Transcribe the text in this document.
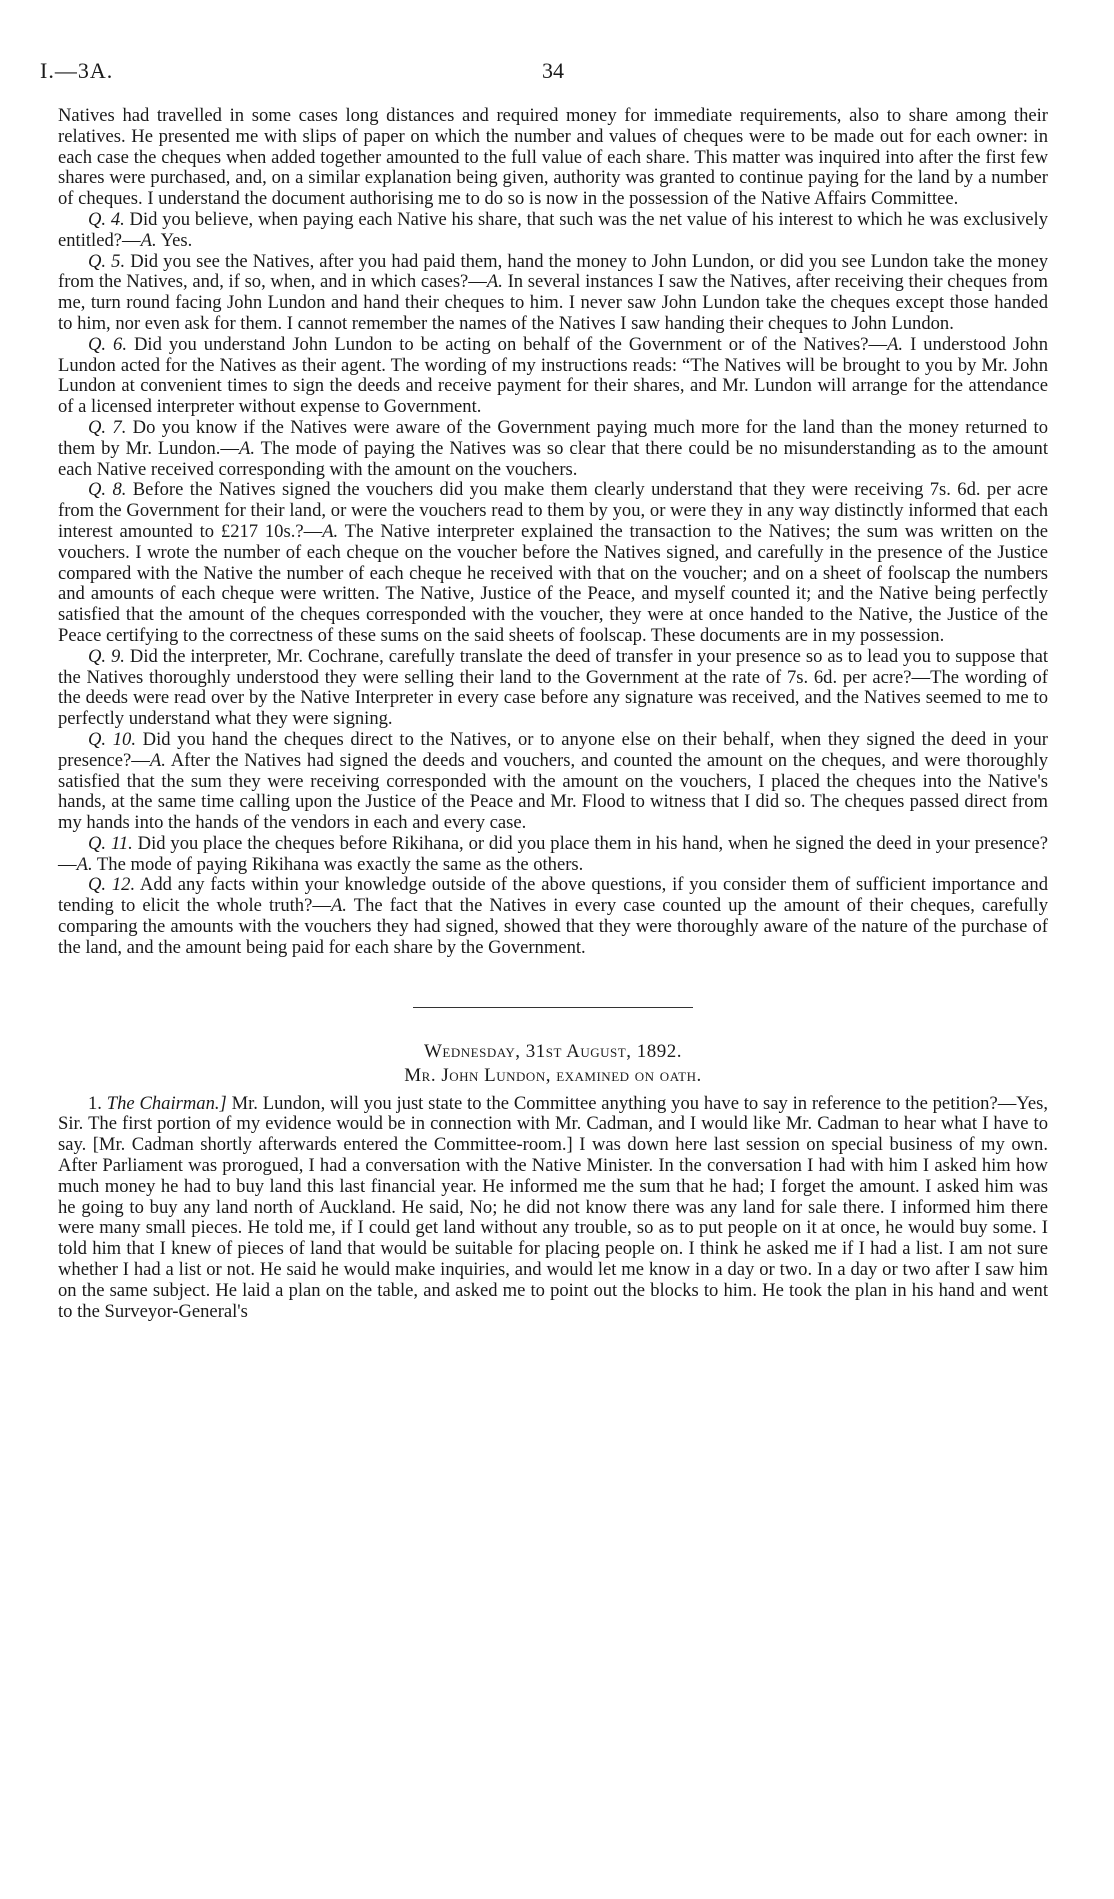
I.—3A.	34

Natives had travelled in some cases long distances and required money for immediate requirements, also to share among their relatives. He presented me with slips of paper on which the number and values of cheques were to be made out for each owner: in each case the cheques when added together amounted to the full value of each share. This matter was inquired into after the first few shares were purchased, and, on a similar explanation being given, authority was granted to continue paying for the land by a number of cheques. I understand the document authorising me to do so is now in the possession of the Native Affairs Committee.

Q. 4. Did you believe, when paying each Native his share, that such was the net value of his interest to which he was exclusively entitled?—A. Yes.

Q. 5. Did you see the Natives, after you had paid them, hand the money to John Lundon, or did you see Lundon take the money from the Natives, and, if so, when, and in which cases?—A. In several instances I saw the Natives, after receiving their cheques from me, turn round facing John Lundon and hand their cheques to him. I never saw John Lundon take the cheques except those handed to him, nor even ask for them. I cannot remember the names of the Natives I saw handing their cheques to John Lundon.

Q. 6. Did you understand John Lundon to be acting on behalf of the Government or of the Natives?—A. I understood John Lundon acted for the Natives as their agent. The wording of my instructions reads: “The Natives will be brought to you by Mr. John Lundon at convenient times to sign the deeds and receive payment for their shares, and Mr. Lundon will arrange for the attendance of a licensed interpreter without expense to Government.

Q. 7. Do you know if the Natives were aware of the Government paying much more for the land than the money returned to them by Mr. Lundon.—A. The mode of paying the Natives was so clear that there could be no misunderstanding as to the amount each Native received corresponding with the amount on the vouchers.

Q. 8. Before the Natives signed the vouchers did you make them clearly understand that they were receiving 7s. 6d. per acre from the Government for their land, or were the vouchers read to them by you, or were they in any way distinctly informed that each interest amounted to £217 10s.?—A. The Native interpreter explained the transaction to the Natives; the sum was written on the vouchers. I wrote the number of each cheque on the voucher before the Natives signed, and carefully in the presence of the Justice compared with the Native the number of each cheque he received with that on the voucher; and on a sheet of foolscap the numbers and amounts of each cheque were written. The Native, Justice of the Peace, and myself counted it; and the Native being perfectly satisfied that the amount of the cheques corresponded with the voucher, they were at once handed to the Native, the Justice of the Peace certifying to the correctness of these sums on the said sheets of foolscap. These documents are in my possession.

Q. 9. Did the interpreter, Mr. Cochrane, carefully translate the deed of transfer in your presence so as to lead you to suppose that the Natives thoroughly understood they were selling their land to the Government at the rate of 7s. 6d. per acre?—The wording of the deeds were read over by the Native Interpreter in every case before any signature was received, and the Natives seemed to me to perfectly understand what they were signing.

Q. 10. Did you hand the cheques direct to the Natives, or to anyone else on their behalf, when they signed the deed in your presence?—A. After the Natives had signed the deeds and vouchers, and counted the amount on the cheques, and were thoroughly satisfied that the sum they were receiving corresponded with the amount on the vouchers, I placed the cheques into the Native's hands, at the same time calling upon the Justice of the Peace and Mr. Flood to witness that I did so. The cheques passed direct from my hands into the hands of the vendors in each and every case.

Q. 11. Did you place the cheques before Rikihana, or did you place them in his hand, when he signed the deed in your presence?—A. The mode of paying Rikihana was exactly the same as the others.

Q. 12. Add any facts within your knowledge outside of the above questions, if you consider them of sufficient importance and tending to elicit the whole truth?—A. The fact that the Natives in every case counted up the amount of their cheques, carefully comparing the amounts with the vouchers they had signed, showed that they were thoroughly aware of the nature of the purchase of the land, and the amount being paid for each share by the Government.

Wednesday, 31st August, 1892.
Mr. John Lundon, examined on oath.

1. The Chairman.] Mr. Lundon, will you just state to the Committee anything you have to say in reference to the petition?—Yes, Sir. The first portion of my evidence would be in connection with Mr. Cadman, and I would like Mr. Cadman to hear what I have to say. [Mr. Cadman shortly afterwards entered the Committee-room.] I was down here last session on special business of my own. After Parliament was prorogued, I had a conversation with the Native Minister. In the conversation I had with him I asked him how much money he had to buy land this last financial year. He informed me the sum that he had; I forget the amount. I asked him was he going to buy any land north of Auckland. He said, No; he did not know there was any land for sale there. I informed him there were many small pieces. He told me, if I could get land without any trouble, so as to put people on it at once, he would buy some. I told him that I knew of pieces of land that would be suitable for placing people on. I think he asked me if I had a list. I am not sure whether I had a list or not. He said he would make inquiries, and would let me know in a day or two. In a day or two after I saw him on the same subject. He laid a plan on the table, and asked me to point out the blocks to him. He took the plan in his hand and went to the Surveyor-General's
